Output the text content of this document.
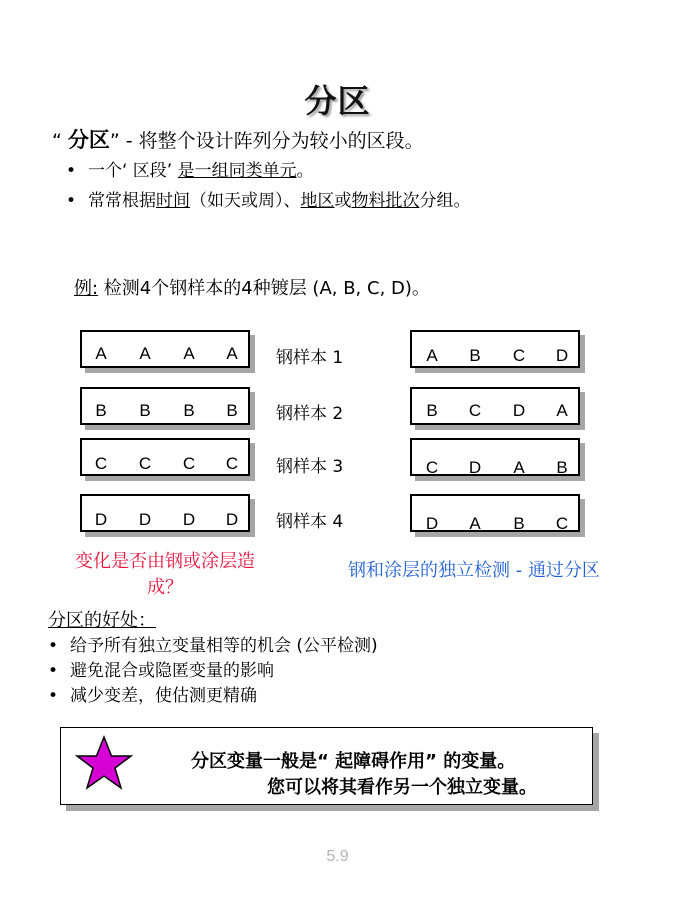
分区
“ 分区” - 将整个设计阵列分为较小的区段。
• 一个‘ 区段’ 是一组同类单元。
• 常常根据时间（如天或周）、地区或物料批次分组。
例: 检测4个钢样本的4种镀层 (A, B, C, D)。
A	A	A	A
B	B	B	B
C	C	C	C
D	D	D	D
钢样本 1
钢样本 2
钢样本 3
钢样本 4
A	B	C	D
B	C	D	A
C	D	A	B
D	A	B	C
变化是否由钢或涂层造成？
钢和涂层的独立检测 - 通过分区
分区的好处：
• 给予所有独立变量相等的机会 (公平检测)
• 避免混合或隐匿变量的影响
• 减少变差，使估测更精确
分区变量一般是“ 起障碍作用” 的变量。
您可以将其看作另一个独立变量。
5.9
